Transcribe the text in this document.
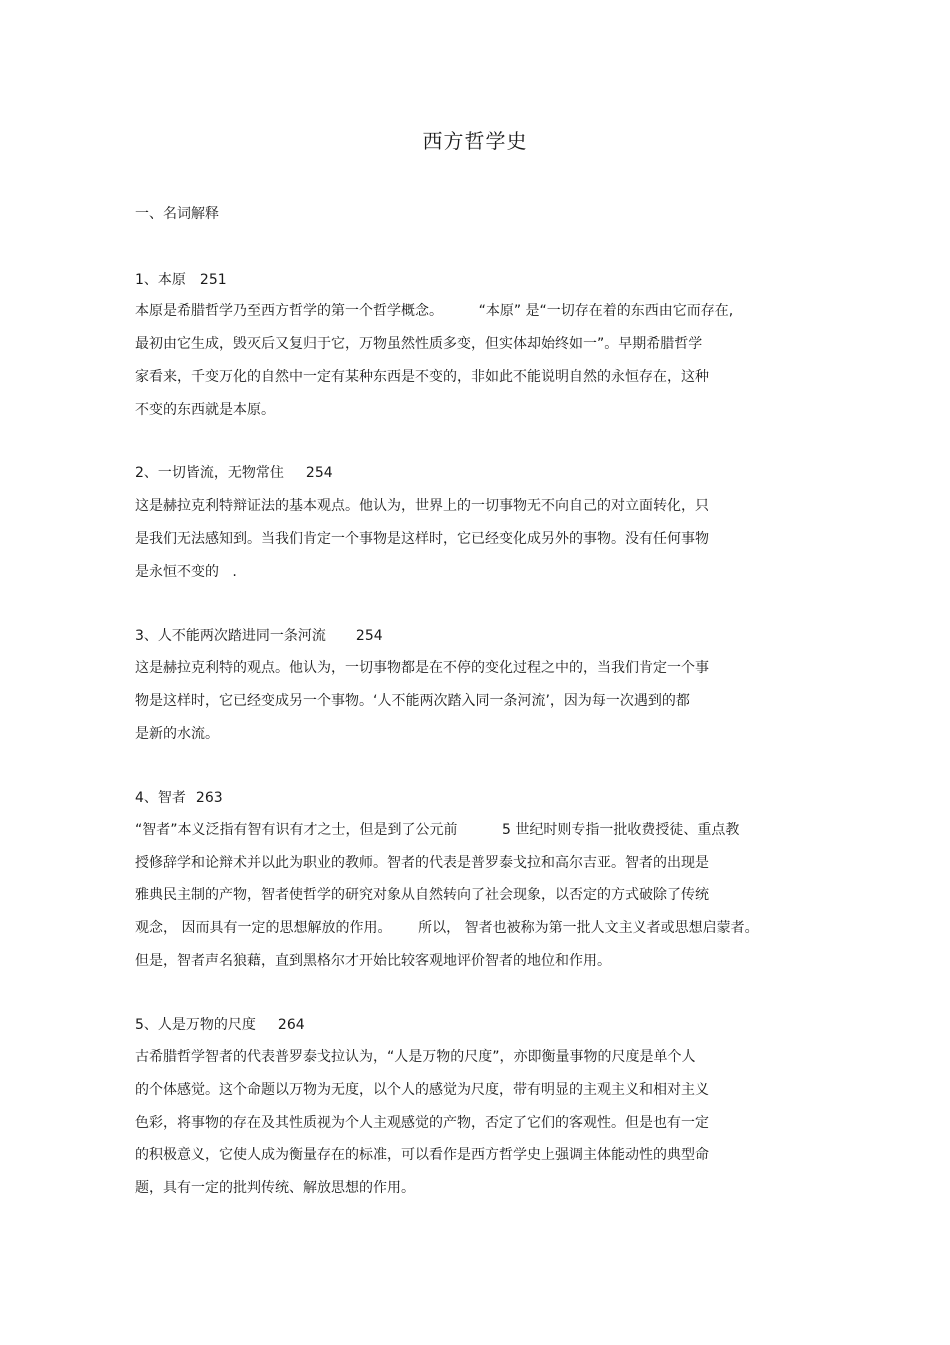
西方哲学史
一、名词解释
1、本原 251
本原是希腊哲学乃至西方哲学的第一个哲学概念。        “本原” 是“一切存在着的东西由它而存在,
最初由它生成，毁灭后又复归于它，万物虽然性质多变，但实体却始终如一”。早期希腊哲学
家看来，千变万化的自然中一定有某种东西是不变的，非如此不能说明自然的永恒存在，这种
不变的东西就是本原。
2、一切皆流，无物常住 254
这是赫拉克利特辩证法的基本观点。他认为，世界上的一切事物无不向自己的对立面转化，只
是我们无法感知到。当我们肯定一个事物是这样时，它已经变化成另外的事物。没有任何事物
是永恒不变的   .
3、人不能两次踏进同一条河流 254
这是赫拉克利特的观点。他认为，一切事物都是在不停的变化过程之中的，当我们肯定一个事
物是这样时，它已经变成另一个事物。‘人不能两次踏入同一条河流’，因为每一次遇到的都
是新的水流。
4、智者 263
“智者”本义泛指有智有识有才之士，但是到了公元前          5 世纪时则专指一批收费授徒、重点教
授修辞学和论辩术并以此为职业的教师。智者的代表是普罗泰戈拉和高尔吉亚。智者的出现是
雅典民主制的产物，智者使哲学的研究对象从自然转向了社会现象，以否定的方式破除了传统
观念， 因而具有一定的思想解放的作用。      所以， 智者也被称为第一批人文主义者或思想启蒙者。
但是，智者声名狼藉，直到黑格尔才开始比较客观地评价智者的地位和作用。
5、人是万物的尺度 264
古希腊哲学智者的代表普罗泰戈拉认为，“人是万物的尺度”，亦即衡量事物的尺度是单个人
的个体感觉。这个命题以万物为无度，以个人的感觉为尺度，带有明显的主观主义和相对主义
色彩，将事物的存在及其性质视为个人主观感觉的产物，否定了它们的客观性。但是也有一定
的积极意义，它使人成为衡量存在的标准，可以看作是西方哲学史上强调主体能动性的典型命
题，具有一定的批判传统、解放思想的作用。
